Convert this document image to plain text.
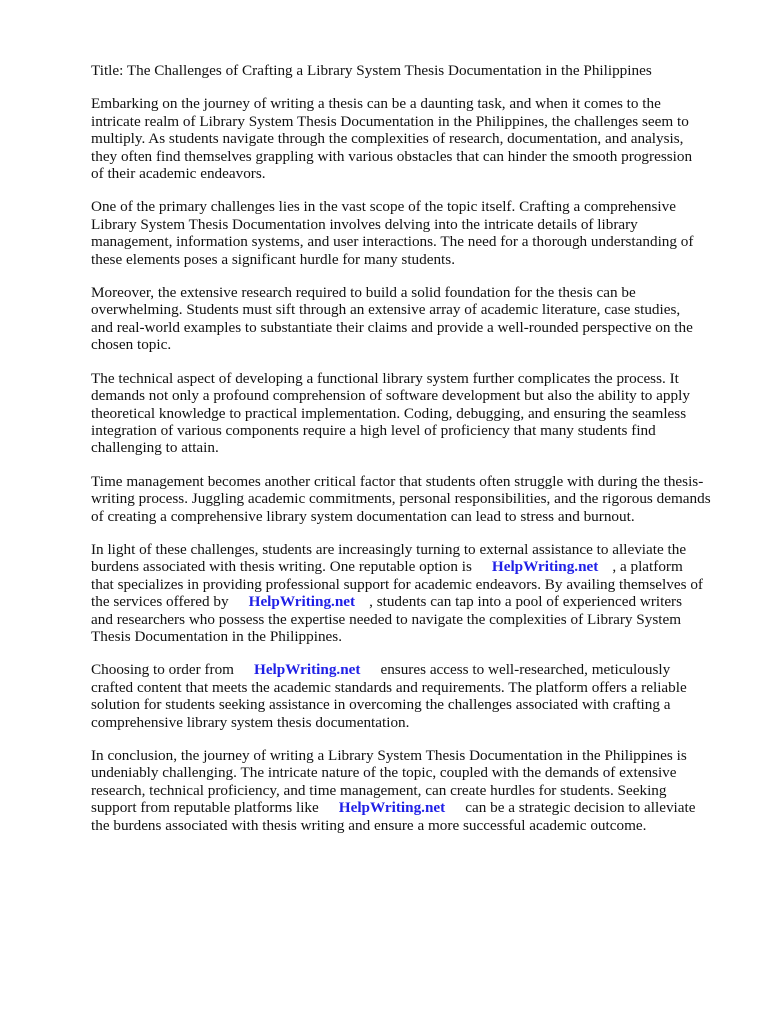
Title: The Challenges of Crafting a Library System Thesis Documentation in the Philippines

Embarking on the journey of writing a thesis can be a daunting task, and when it comes to the
intricate realm of Library System Thesis Documentation in the Philippines, the challenges seem to
multiply. As students navigate through the complexities of research, documentation, and analysis,
they often find themselves grappling with various obstacles that can hinder the smooth progression
of their academic endeavors.

One of the primary challenges lies in the vast scope of the topic itself. Crafting a comprehensive
Library System Thesis Documentation involves delving into the intricate details of library
management, information systems, and user interactions. The need for a thorough understanding of
these elements poses a significant hurdle for many students.

Moreover, the extensive research required to build a solid foundation for the thesis can be
overwhelming. Students must sift through an extensive array of academic literature, case studies,
and real-world examples to substantiate their claims and provide a well-rounded perspective on the
chosen topic.

The technical aspect of developing a functional library system further complicates the process. It
demands not only a profound comprehension of software development but also the ability to apply
theoretical knowledge to practical implementation. Coding, debugging, and ensuring the seamless
integration of various components require a high level of proficiency that many students find
challenging to attain.

Time management becomes another critical factor that students often struggle with during the thesis-
writing process. Juggling academic commitments, personal responsibilities, and the rigorous demands
of creating a comprehensive library system documentation can lead to stress and burnout.

In light of these challenges, students are increasingly turning to external assistance to alleviate the
burdens associated with thesis writing. One reputable option is HelpWriting.net , a platform
that specializes in providing professional support for academic endeavors. By availing themselves of
the services offered by HelpWriting.net , students can tap into a pool of experienced writers
and researchers who possess the expertise needed to navigate the complexities of Library System
Thesis Documentation in the Philippines.

Choosing to order from HelpWriting.net ensures access to well-researched, meticulously
crafted content that meets the academic standards and requirements. The platform offers a reliable
solution for students seeking assistance in overcoming the challenges associated with crafting a
comprehensive library system thesis documentation.

In conclusion, the journey of writing a Library System Thesis Documentation in the Philippines is
undeniably challenging. The intricate nature of the topic, coupled with the demands of extensive
research, technical proficiency, and time management, can create hurdles for students. Seeking
support from reputable platforms like HelpWriting.net can be a strategic decision to alleviate
the burdens associated with thesis writing and ensure a more successful academic outcome.
